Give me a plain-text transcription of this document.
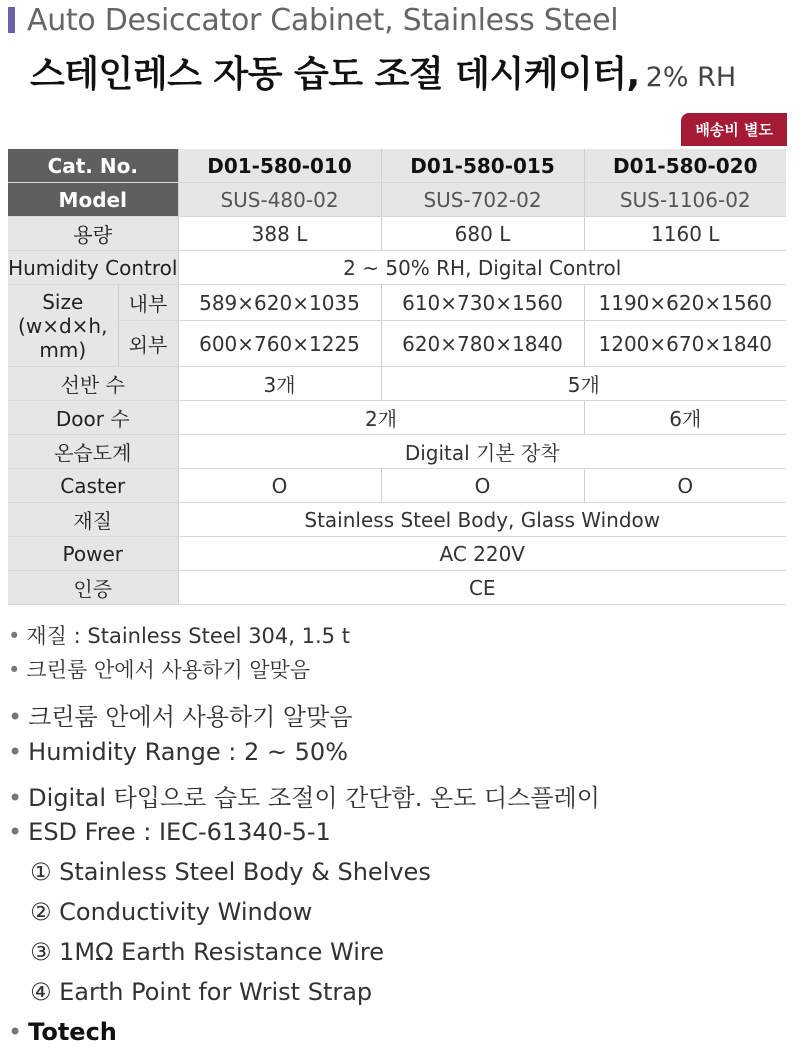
Auto Desiccator Cabinet, Stainless Steel
스테인레스 자동 습도 조절 데시케이터, 2% RH
배송비 별도
Cat. No.		D01-580-010	D01-580-015	D01-580-020
Model		SUS-480-02	SUS-702-02	SUS-1106-02
용량		388 L	680 L	1160 L
Humidity Control		2 ~ 50% RH, Digital Control		
Size (w×d×h, mm)	내부	589×620×1035	610×730×1560	1190×620×1560
	외부	600×760×1225	620×780×1840	1200×670×1840
선반 수		3개	5개	
Door 수		2개		6개
온습도계		Digital 기본 장착		
Caster		O	O	O
재질		Stainless Steel Body, Glass Window		
Power		AC 220V		
인증		CE		
• 재질 : Stainless Steel 304, 1.5 t
• 크린룸 안에서 사용하기 알맞음
• 크린룸 안에서 사용하기 알맞음
• Humidity Range : 2 ~ 50%
• Digital 타입으로 습도 조절이 간단함. 온도 디스플레이
• ESD Free : IEC-61340-5-1
① Stainless Steel Body & Shelves
② Conductivity Window
③ 1MΩ Earth Resistance Wire
④ Earth Point for Wrist Strap
• Totech
